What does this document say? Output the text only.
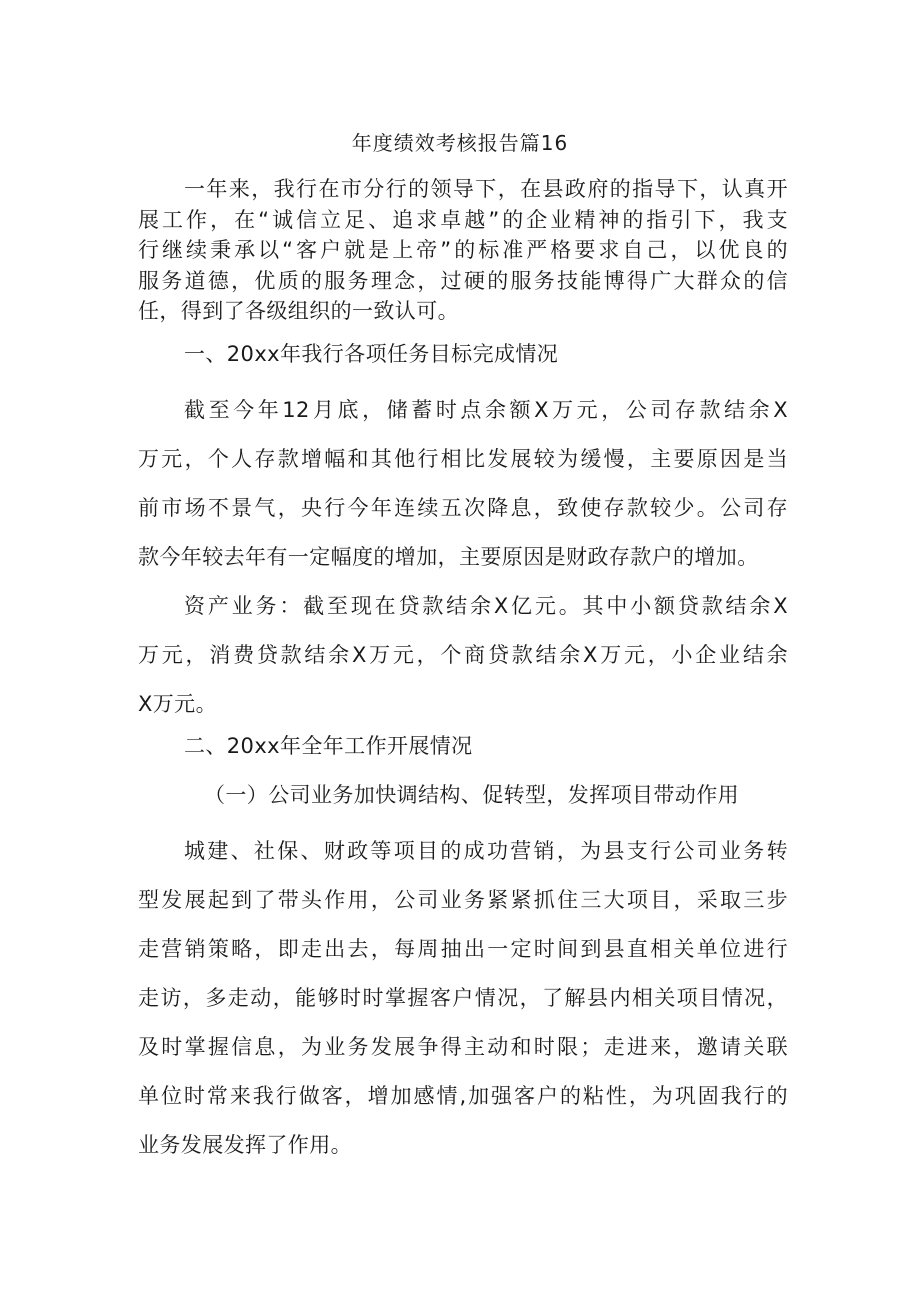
年度绩效考核报告篇16
一年来，我行在市分行的领导下，在县政府的指导下，认真开
展工作，在“诚信立足、追求卓越”的企业精神的指引下，我支
行继续秉承以“客户就是上帝”的标准严格要求自己，以优良的
服务道德，优质的服务理念，过硬的服务技能博得广大群众的信
任，得到了各级组织的一致认可。
一、20xx年我行各项任务目标完成情况
截至今年12月底，储蓄时点余额X万元，公司存款结余X
万元，个人存款增幅和其他行相比发展较为缓慢，主要原因是当
前市场不景气，央行今年连续五次降息，致使存款较少。公司存
款今年较去年有一定幅度的增加，主要原因是财政存款户的增加。
资产业务：截至现在贷款结余X亿元。其中小额贷款结余X
万元，消费贷款结余X万元，个商贷款结余X万元，小企业结余
X万元。
二、20xx年全年工作开展情况
（一）公司业务加快调结构、促转型，发挥项目带动作用
城建、社保、财政等项目的成功营销，为县支行公司业务转
型发展起到了带头作用，公司业务紧紧抓住三大项目，采取三步
走营销策略，即走出去，每周抽出一定时间到县直相关单位进行
走访，多走动，能够时时掌握客户情况，了解县内相关项目情况，
及时掌握信息，为业务发展争得主动和时限；走进来，邀请关联
单位时常来我行做客，增加感情,加强客户的粘性，为巩固我行的
业务发展发挥了作用。
